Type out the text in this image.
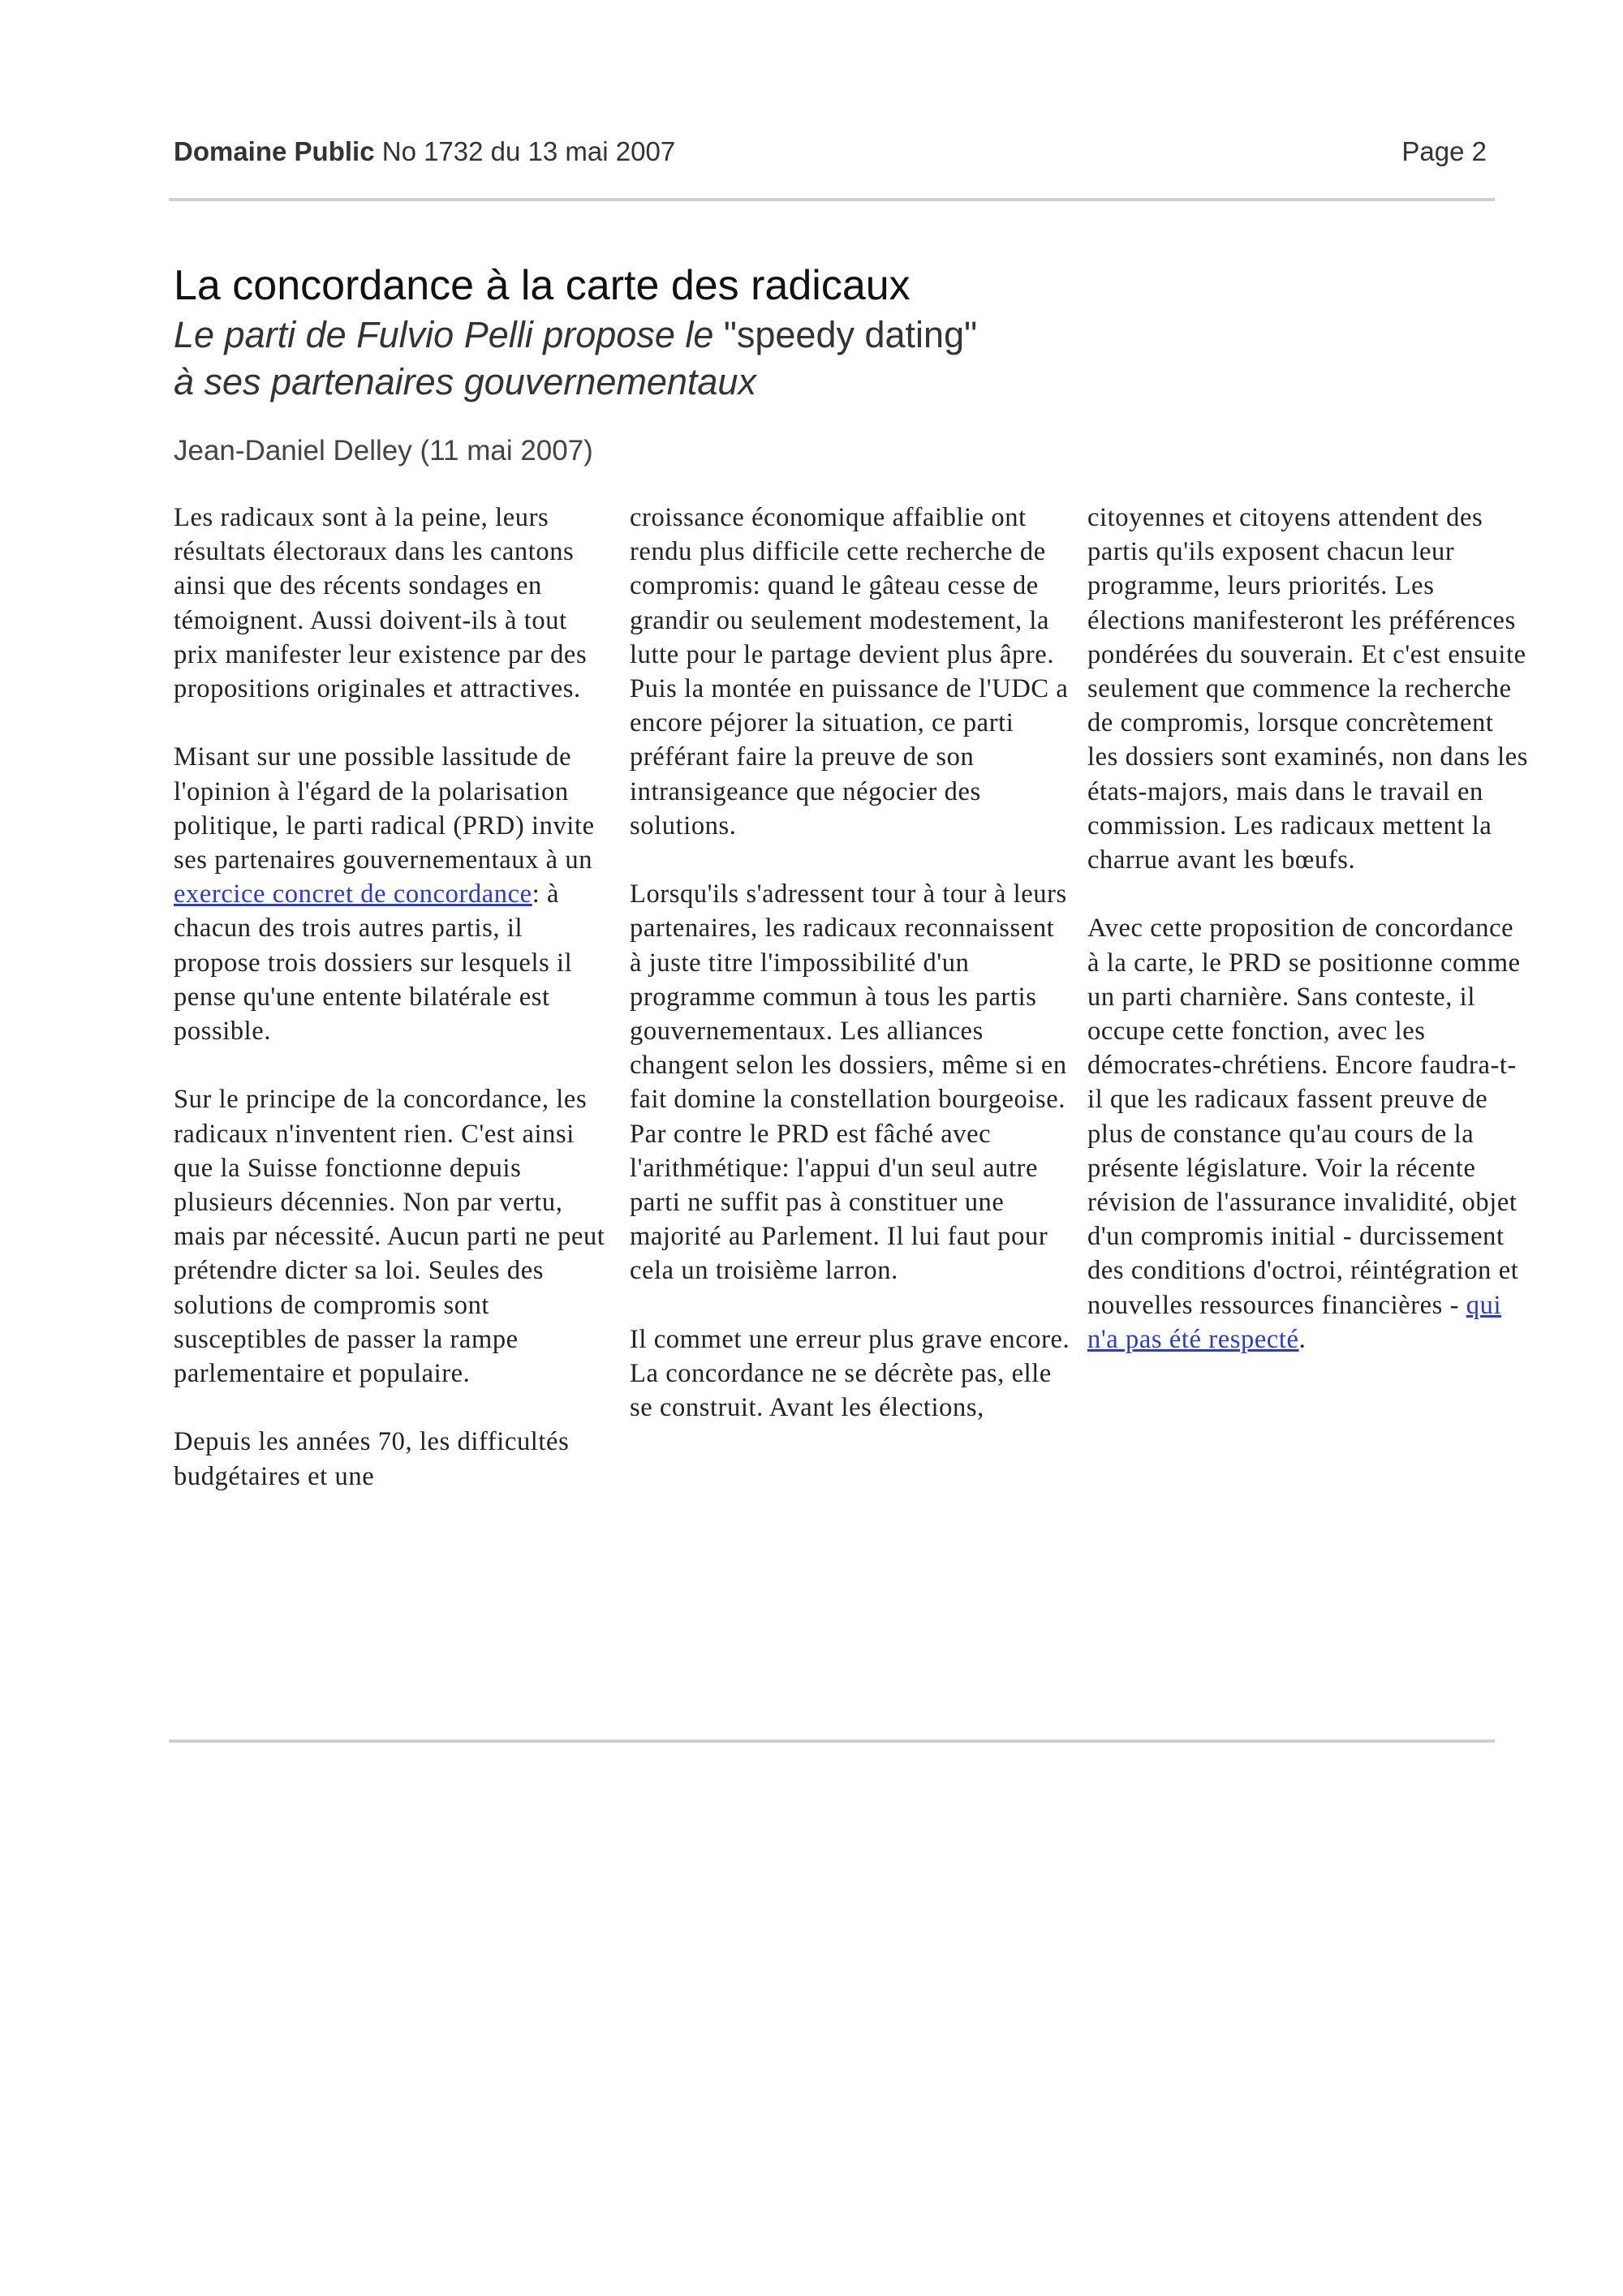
Domaine Public No 1732 du 13 mai 2007	Page 2
La concordance à la carte des radicaux
Le parti de Fulvio Pelli propose le "speedy dating"
à ses partenaires gouvernementaux
Jean-Daniel Delley (11 mai 2007)

Les radicaux sont à la peine, leurs résultats électoraux dans les cantons ainsi que des récents sondages en témoignent. Aussi doivent-ils à tout prix manifester leur existence par des propositions originales et attractives.

Misant sur une possible lassitude de l'opinion à l'égard de la polarisation politique, le parti radical (PRD) invite ses partenaires gouvernementaux à un exercice concret de concordance: à chacun des trois autres partis, il propose trois dossiers sur lesquels il pense qu'une entente bilatérale est possible.

Sur le principe de la concordance, les radicaux n'inventent rien. C'est ainsi que la Suisse fonctionne depuis plusieurs décennies. Non par vertu, mais par nécessité. Aucun parti ne peut prétendre dicter sa loi. Seules des solutions de compromis sont susceptibles de passer la rampe parlementaire et populaire.

Depuis les années 70, les difficultés budgétaires et une

croissance économique affaiblie ont rendu plus difficile cette recherche de compromis: quand le gâteau cesse de grandir ou seulement modestement, la lutte pour le partage devient plus âpre. Puis la montée en puissance de l'UDC a encore péjorer la situation, ce parti préférant faire la preuve de son intransigeance que négocier des solutions.

Lorsqu'ils s'adressent tour à tour à leurs partenaires, les radicaux reconnaissent à juste titre l'impossibilité d'un programme commun à tous les partis gouvernementaux. Les alliances changent selon les dossiers, même si en fait domine la constellation bourgeoise. Par contre le PRD est fâché avec l'arithmétique: l'appui d'un seul autre parti ne suffit pas à constituer une majorité au Parlement. Il lui faut pour cela un troisième larron.

Il commet une erreur plus grave encore. La concordance ne se décrète pas, elle se construit. Avant les élections,

citoyennes et citoyens attendent des partis qu'ils exposent chacun leur programme, leurs priorités. Les élections manifesteront les préférences pondérées du souverain. Et c'est ensuite seulement que commence la recherche de compromis, lorsque concrètement les dossiers sont examinés, non dans les états-majors, mais dans le travail en commission. Les radicaux mettent la charrue avant les bœufs.

Avec cette proposition de concordance à la carte, le PRD se positionne comme un parti charnière. Sans conteste, il occupe cette fonction, avec les démocrates-chrétiens. Encore faudra-t-il que les radicaux fassent preuve de plus de constance qu'au cours de la présente législature. Voir la récente révision de l'assurance invalidité, objet d'un compromis initial - durcissement des conditions d'octroi, réintégration et nouvelles ressources financières - qui n'a pas été respecté.
